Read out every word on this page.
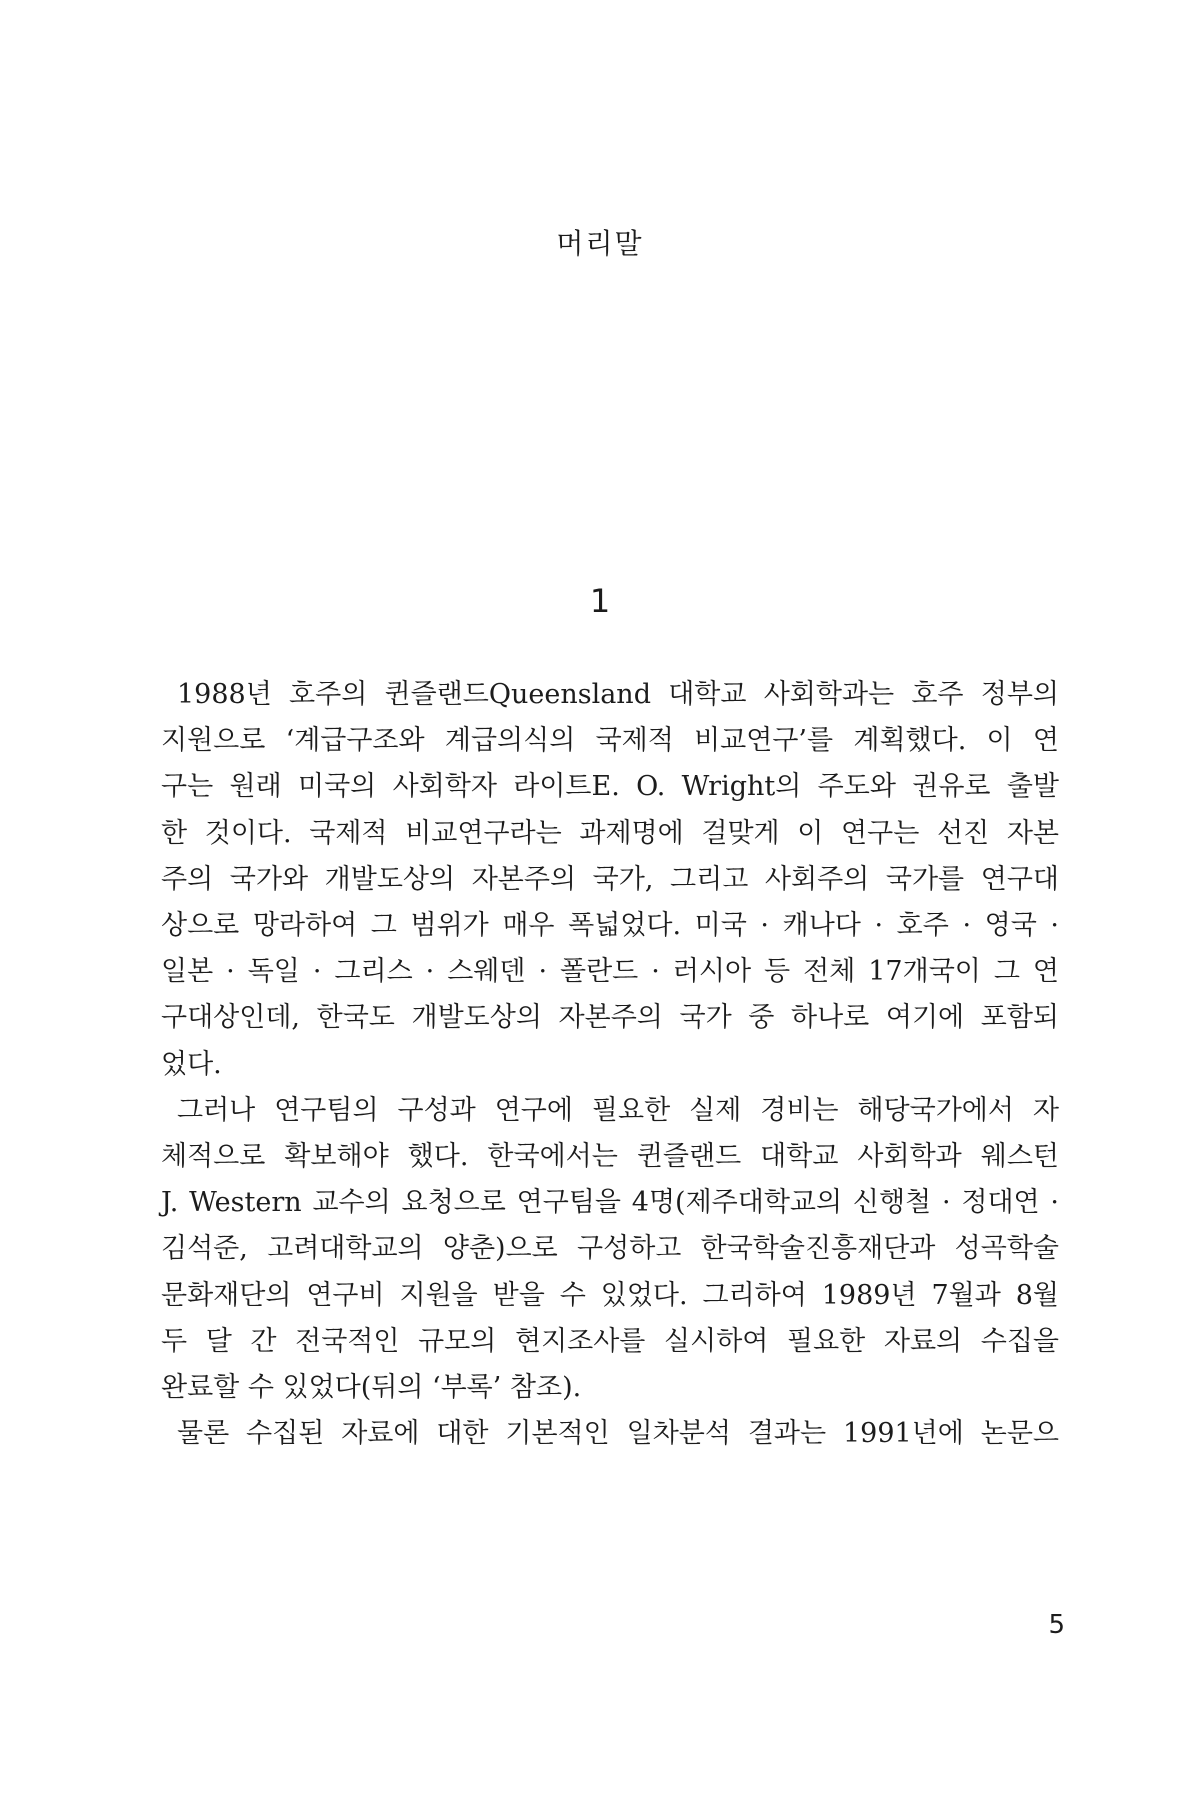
머리말
1

1988년 호주의 퀸즐랜드Queensland 대학교 사회학과는 호주 정부의
지원으로 ‘계급구조와 계급의식의 국제적 비교연구’를 계획했다. 이 연
구는 원래 미국의 사회학자 라이트E. O. Wright의 주도와 권유로 출발
한 것이다. 국제적 비교연구라는 과제명에 걸맞게 이 연구는 선진 자본
주의 국가와 개발도상의 자본주의 국가, 그리고 사회주의 국가를 연구대
상으로 망라하여 그 범위가 매우 폭넓었다. 미국 · 캐나다 · 호주 · 영국 ·
일본 · 독일 · 그리스 · 스웨덴 · 폴란드 · 러시아 등 전체 17개국이 그 연
구대상인데, 한국도 개발도상의 자본주의 국가 중 하나로 여기에 포함되
었다.

그러나 연구팀의 구성과 연구에 필요한 실제 경비는 해당국가에서 자
체적으로 확보해야 했다. 한국에서는 퀸즐랜드 대학교 사회학과 웨스턴
J. Western 교수의 요청으로 연구팀을 4명(제주대학교의 신행철 · 정대연 ·
김석준, 고려대학교의 양춘)으로 구성하고 한국학술진흥재단과 성곡학술
문화재단의 연구비 지원을 받을 수 있었다. 그리하여 1989년 7월과 8월
두 달 간 전국적인 규모의 현지조사를 실시하여 필요한 자료의 수집을
완료할 수 있었다(뒤의 ‘부록’ 참조).

물론 수집된 자료에 대한 기본적인 일차분석 결과는 1991년에 논문으

5
